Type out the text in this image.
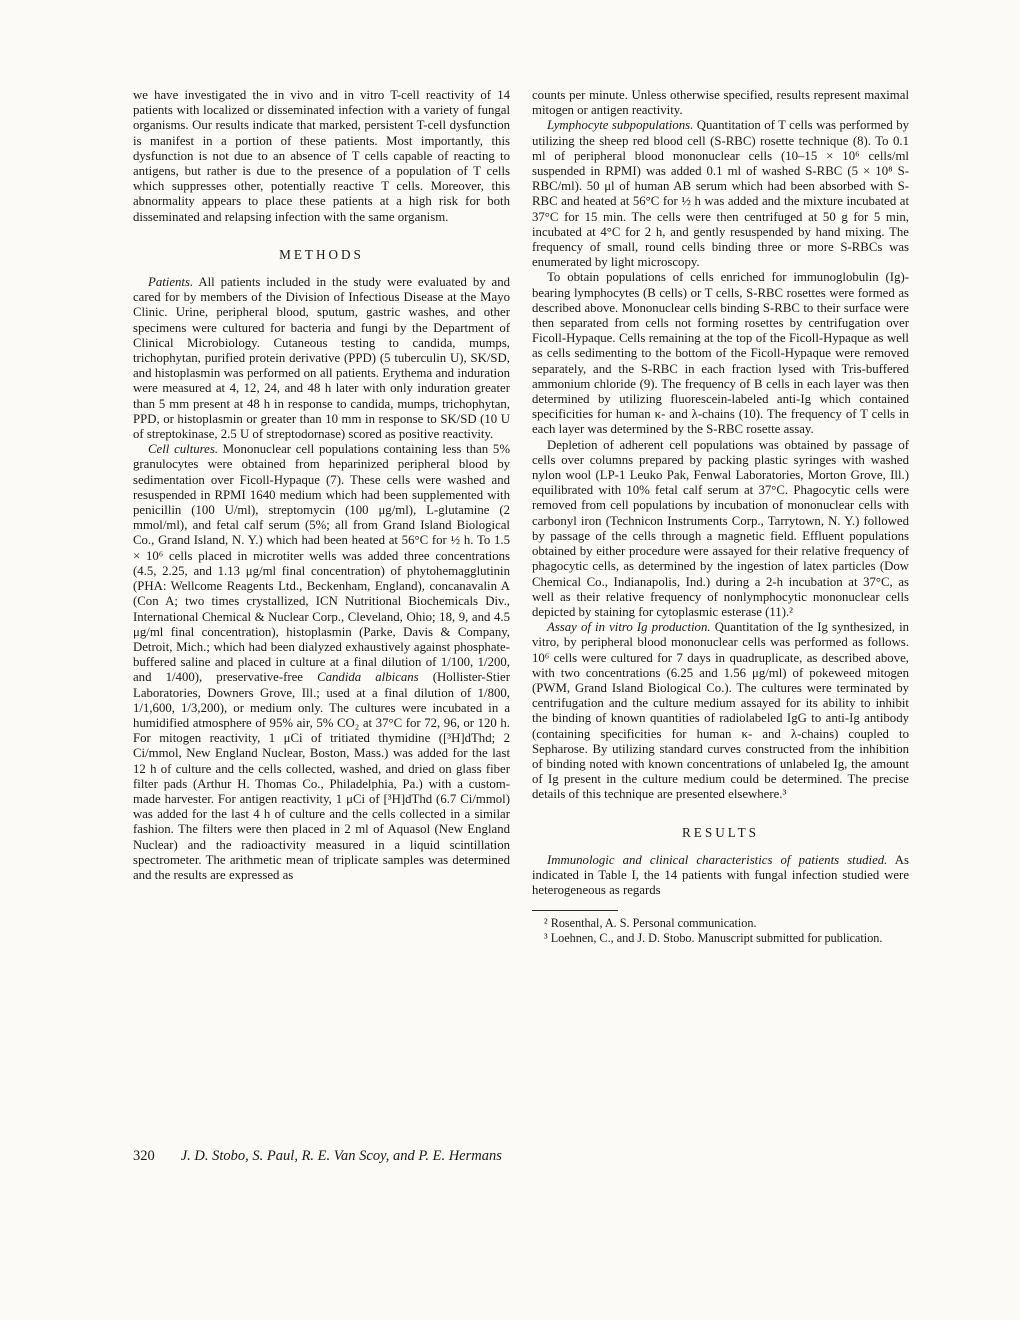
we have investigated the in vivo and in vitro T-cell reactivity of 14 patients with localized or disseminated infection with a variety of fungal organisms. Our results indicate that marked, persistent T-cell dysfunction is manifest in a portion of these patients. Most importantly, this dysfunction is not due to an absence of T cells capable of reacting to antigens, but rather is due to the presence of a population of T cells which suppresses other, potentially reactive T cells. Moreover, this abnormality appears to place these patients at a high risk for both disseminated and relapsing infection with the same organism.

METHODS

Patients. All patients included in the study were evaluated by and cared for by members of the Division of Infectious Disease at the Mayo Clinic. Urine, peripheral blood, sputum, gastric washes, and other specimens were cultured for bacteria and fungi by the Department of Clinical Microbiology. Cutaneous testing to candida, mumps, trichophytan, purified protein derivative (PPD) (5 tuberculin U), SK/SD, and histoplasmin was performed on all patients. Erythema and induration were measured at 4, 12, 24, and 48 h later with only induration greater than 5 mm present at 48 h in response to candida, mumps, trichophytan, PPD, or histoplasmin or greater than 10 mm in response to SK/SD (10 U of streptokinase, 2.5 U of streptodornase) scored as positive reactivity.

Cell cultures. Mononuclear cell populations containing less than 5% granulocytes were obtained from heparinized peripheral blood by sedimentation over Ficoll-Hypaque (7). These cells were washed and resuspended in RPMI 1640 medium which had been supplemented with penicillin (100 U/ml), streptomycin (100 μg/ml), L-glutamine (2 mmol/ml), and fetal calf serum (5%; all from Grand Island Biological Co., Grand Island, N. Y.) which had been heated at 56°C for ½ h. To 1.5 × 10⁶ cells placed in microtiter wells was added three concentrations (4.5, 2.25, and 1.13 μg/ml final concentration) of phytohemagglutinin (PHA: Wellcome Reagents Ltd., Beckenham, England), concanavalin A (Con A; two times crystallized, ICN Nutritional Biochemicals Div., International Chemical & Nuclear Corp., Cleveland, Ohio; 18, 9, and 4.5 μg/ml final concentration), histoplasmin (Parke, Davis & Company, Detroit, Mich.; which had been dialyzed exhaustively against phosphate-buffered saline and placed in culture at a final dilution of 1/100, 1/200, and 1/400), preservative-free Candida albicans (Hollister-Stier Laboratories, Downers Grove, Ill.; used at a final dilution of 1/800, 1/1,600, 1/3,200), or medium only. The cultures were incubated in a humidified atmosphere of 95% air, 5% CO₂ at 37°C for 72, 96, or 120 h. For mitogen reactivity, 1 μCi of tritiated thymidine ([³H]dThd; 2 Ci/mmol, New England Nuclear, Boston, Mass.) was added for the last 12 h of culture and the cells collected, washed, and dried on glass fiber filter pads (Arthur H. Thomas Co., Philadelphia, Pa.) with a custom-made harvester. For antigen reactivity, 1 μCi of [³H]dThd (6.7 Ci/mmol) was added for the last 4 h of culture and the cells collected in a similar fashion. The filters were then placed in 2 ml of Aquasol (New England Nuclear) and the radioactivity measured in a liquid scintillation spectrometer. The arithmetic mean of triplicate samples was determined and the results are expressed as

counts per minute. Unless otherwise specified, results represent maximal mitogen or antigen reactivity.

Lymphocyte subpopulations. Quantitation of T cells was performed by utilizing the sheep red blood cell (S-RBC) rosette technique (8). To 0.1 ml of peripheral blood mononuclear cells (10–15 × 10⁶ cells/ml suspended in RPMI) was added 0.1 ml of washed S-RBC (5 × 10⁸ S-RBC/ml). 50 μl of human AB serum which had been absorbed with S-RBC and heated at 56°C for ½ h was added and the mixture incubated at 37°C for 15 min. The cells were then centrifuged at 50 g for 5 min, incubated at 4°C for 2 h, and gently resuspended by hand mixing. The frequency of small, round cells binding three or more S-RBCs was enumerated by light microscopy.

To obtain populations of cells enriched for immunoglobulin (Ig)-bearing lymphocytes (B cells) or T cells, S-RBC rosettes were formed as described above. Mononuclear cells binding S-RBC to their surface were then separated from cells not forming rosettes by centrifugation over Ficoll-Hypaque. Cells remaining at the top of the Ficoll-Hypaque as well as cells sedimenting to the bottom of the Ficoll-Hypaque were removed separately, and the S-RBC in each fraction lysed with Tris-buffered ammonium chloride (9). The frequency of B cells in each layer was then determined by utilizing fluorescein-labeled anti-Ig which contained specificities for human κ- and λ-chains (10). The frequency of T cells in each layer was determined by the S-RBC rosette assay.

Depletion of adherent cell populations was obtained by passage of cells over columns prepared by packing plastic syringes with washed nylon wool (LP-1 Leuko Pak, Fenwal Laboratories, Morton Grove, Ill.) equilibrated with 10% fetal calf serum at 37°C. Phagocytic cells were removed from cell populations by incubation of mononuclear cells with carbonyl iron (Technicon Instruments Corp., Tarrytown, N. Y.) followed by passage of the cells through a magnetic field. Effluent populations obtained by either procedure were assayed for their relative frequency of phagocytic cells, as determined by the ingestion of latex particles (Dow Chemical Co., Indianapolis, Ind.) during a 2-h incubation at 37°C, as well as their relative frequency of nonlymphocytic mononuclear cells depicted by staining for cytoplasmic esterase (11).²

Assay of in vitro Ig production. Quantitation of the Ig synthesized, in vitro, by peripheral blood mononuclear cells was performed as follows. 10⁶ cells were cultured for 7 days in quadruplicate, as described above, with two concentrations (6.25 and 1.56 μg/ml) of pokeweed mitogen (PWM, Grand Island Biological Co.). The cultures were terminated by centrifugation and the culture medium assayed for its ability to inhibit the binding of known quantities of radiolabeled IgG to anti-Ig antibody (containing specificities for human κ- and λ-chains) coupled to Sepharose. By utilizing standard curves constructed from the inhibition of binding noted with known concentrations of unlabeled Ig, the amount of Ig present in the culture medium could be determined. The precise details of this technique are presented elsewhere.³

RESULTS

Immunologic and clinical characteristics of patients studied. As indicated in Table I, the 14 patients with fungal infection studied were heterogeneous as regards

² Rosenthal, A. S. Personal communication.

³ Loehnen, C., and J. D. Stobo. Manuscript submitted for publication.

320 J. D. Stobo, S. Paul, R. E. Van Scoy, and P. E. Hermans
